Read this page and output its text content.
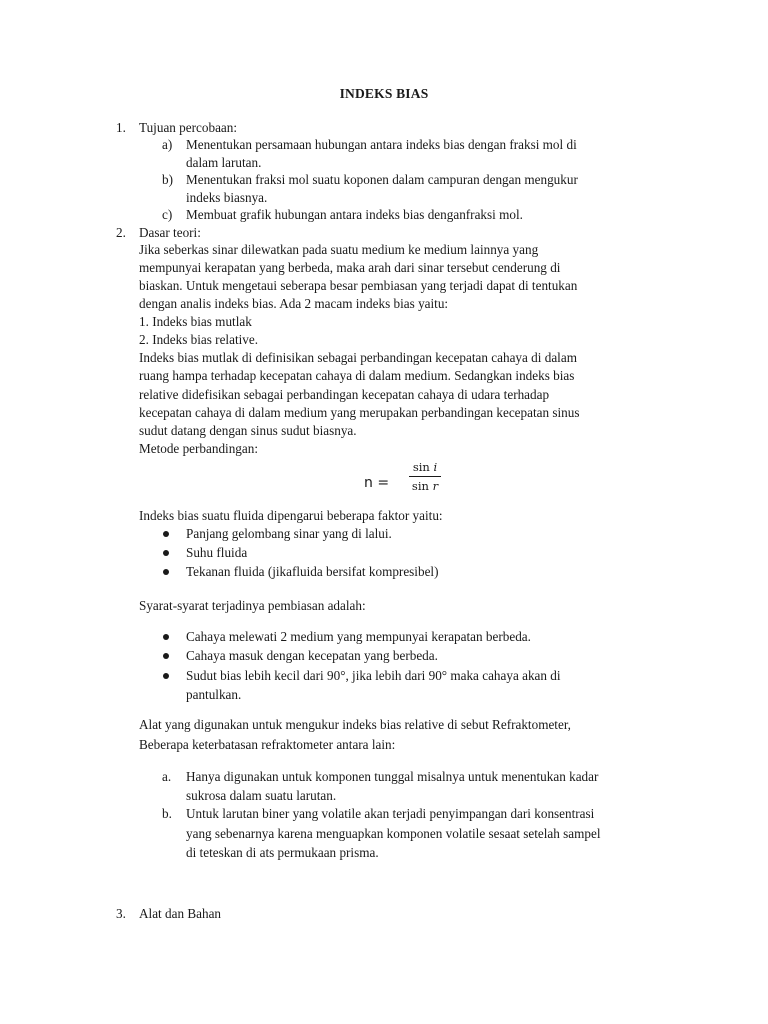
INDEKS BIAS
1. Tujuan percobaan:
a) Menentukan persamaan hubungan antara indeks bias dengan fraksi mol di
dalam larutan.
b) Menentukan fraksi mol suatu koponen dalam campuran dengan mengukur
indeks biasnya.
c) Membuat grafik hubungan antara indeks bias denganfraksi mol.
2. Dasar teori:
Jika seberkas sinar dilewatkan pada suatu medium ke medium lainnya yang
mempunyai kerapatan yang berbeda, maka arah dari sinar tersebut cenderung di
biaskan. Untuk mengetaui seberapa besar pembiasan yang terjadi dapat di tentukan
dengan analis indeks bias. Ada 2 macam indeks bias yaitu:
1. Indeks bias mutlak
2. Indeks bias relative.
Indeks bias mutlak di definisikan sebagai perbandingan kecepatan cahaya di dalam
ruang hampa terhadap kecepatan cahaya di dalam medium. Sedangkan indeks bias
relative didefisikan sebagai perbandingan kecepatan cahaya di udara terhadap
kecepatan cahaya di dalam medium yang merupakan perbandingan kecepatan sinus
sudut datang dengan sinus sudut biasnya.
Metode perbandingan:
n =
sin i
sin r
Indeks bias suatu fluida dipengarui beberapa faktor yaitu:
Panjang gelombang sinar yang di lalui.
Suhu fluida
Tekanan fluida (jikafluida bersifat kompresibel)
Syarat-syarat terjadinya pembiasan adalah:
Cahaya melewati 2 medium yang mempunyai kerapatan berbeda.
Cahaya masuk dengan kecepatan yang berbeda.
Sudut bias lebih kecil dari 90°, jika lebih dari 90° maka cahaya akan di
pantulkan.
Alat yang digunakan untuk mengukur indeks bias relative di sebut Refraktometer,
Beberapa keterbatasan refraktometer antara lain:
a. Hanya digunakan untuk komponen tunggal misalnya untuk menentukan kadar
sukrosa dalam suatu larutan.
b. Untuk larutan biner yang volatile akan terjadi penyimpangan dari konsentrasi
yang sebenarnya karena menguapkan komponen volatile sesaat setelah sampel
di teteskan di ats permukaan prisma.
3. Alat dan Bahan
